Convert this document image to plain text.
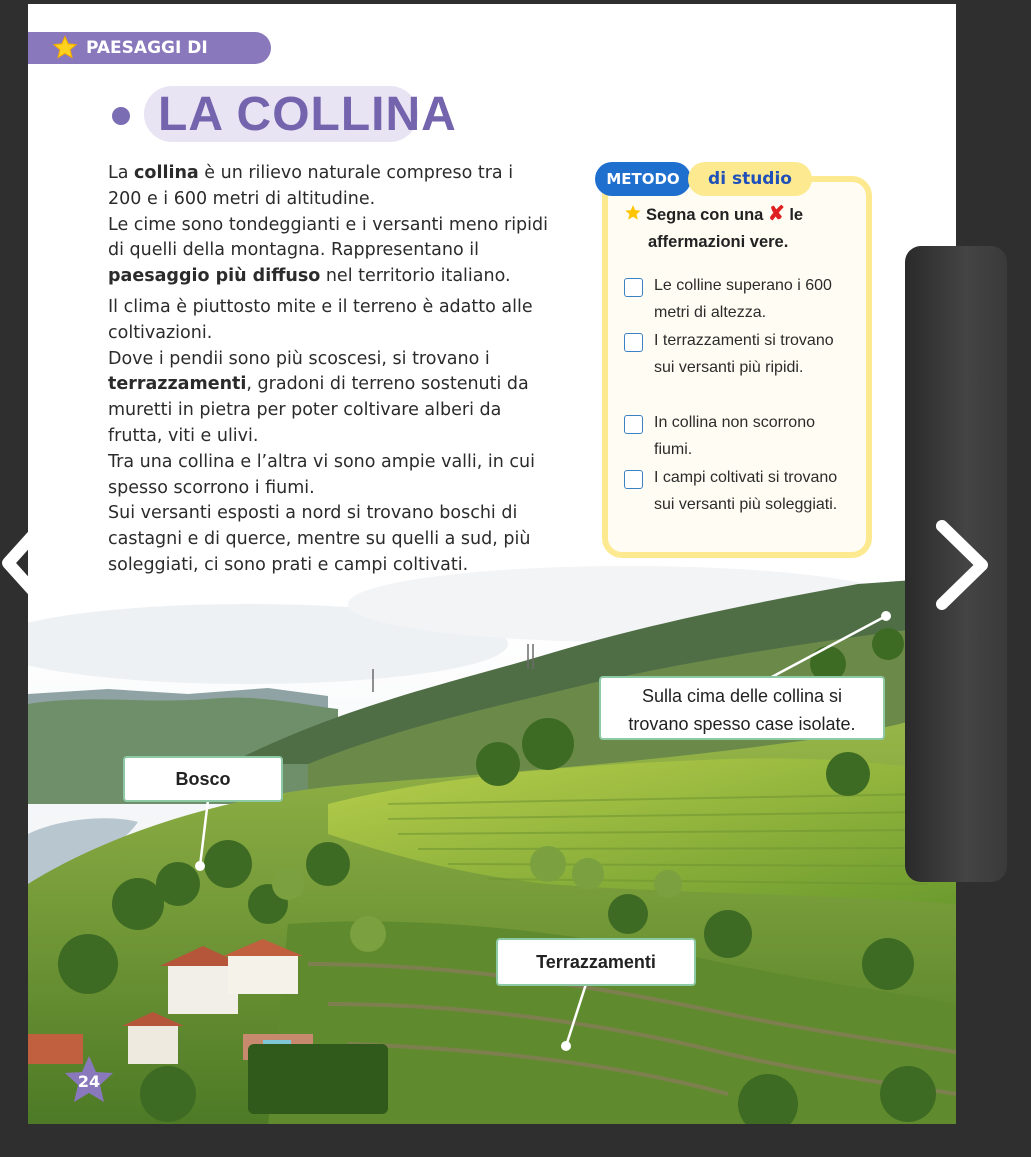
PAESAGGI DI TERRA
LA COLLINA

La collina è un rilievo naturale compreso tra i 200 e i 600 metri di altitudine.

Le cime sono tondeggianti e i versanti meno ripidi di quelli della montagna. Rappresentano il paesaggio più diffuso nel territorio italiano.

Il clima è piuttosto mite e il terreno è adatto alle coltivazioni.

Dove i pendii sono più scoscesi, si trovano i terrazzamenti, gradoni di terreno sostenuti da muretti in pietra per poter coltivare alberi da frutta, viti e ulivi.

Tra una collina e l’altra vi sono ampie valli, in cui spesso scorrono i fiumi.

Sui versanti esposti a nord si trovano boschi di castagni e di querce, mentre su quelli a sud, più soleggiati, ci sono prati e campi coltivati.

METODO	di studio
Segna con una ✘ le
affermazioni vere.
Le colline superano i 600 metri di altezza.
I terrazzamenti si trovano sui versanti più ripidi.
In collina non scorrono fiumi.
I campi coltivati si trovano sui versanti più soleggiati.
Bosco
Terrazzamenti
Sulla cima delle collina si
trovano spesso case isolate.
24
